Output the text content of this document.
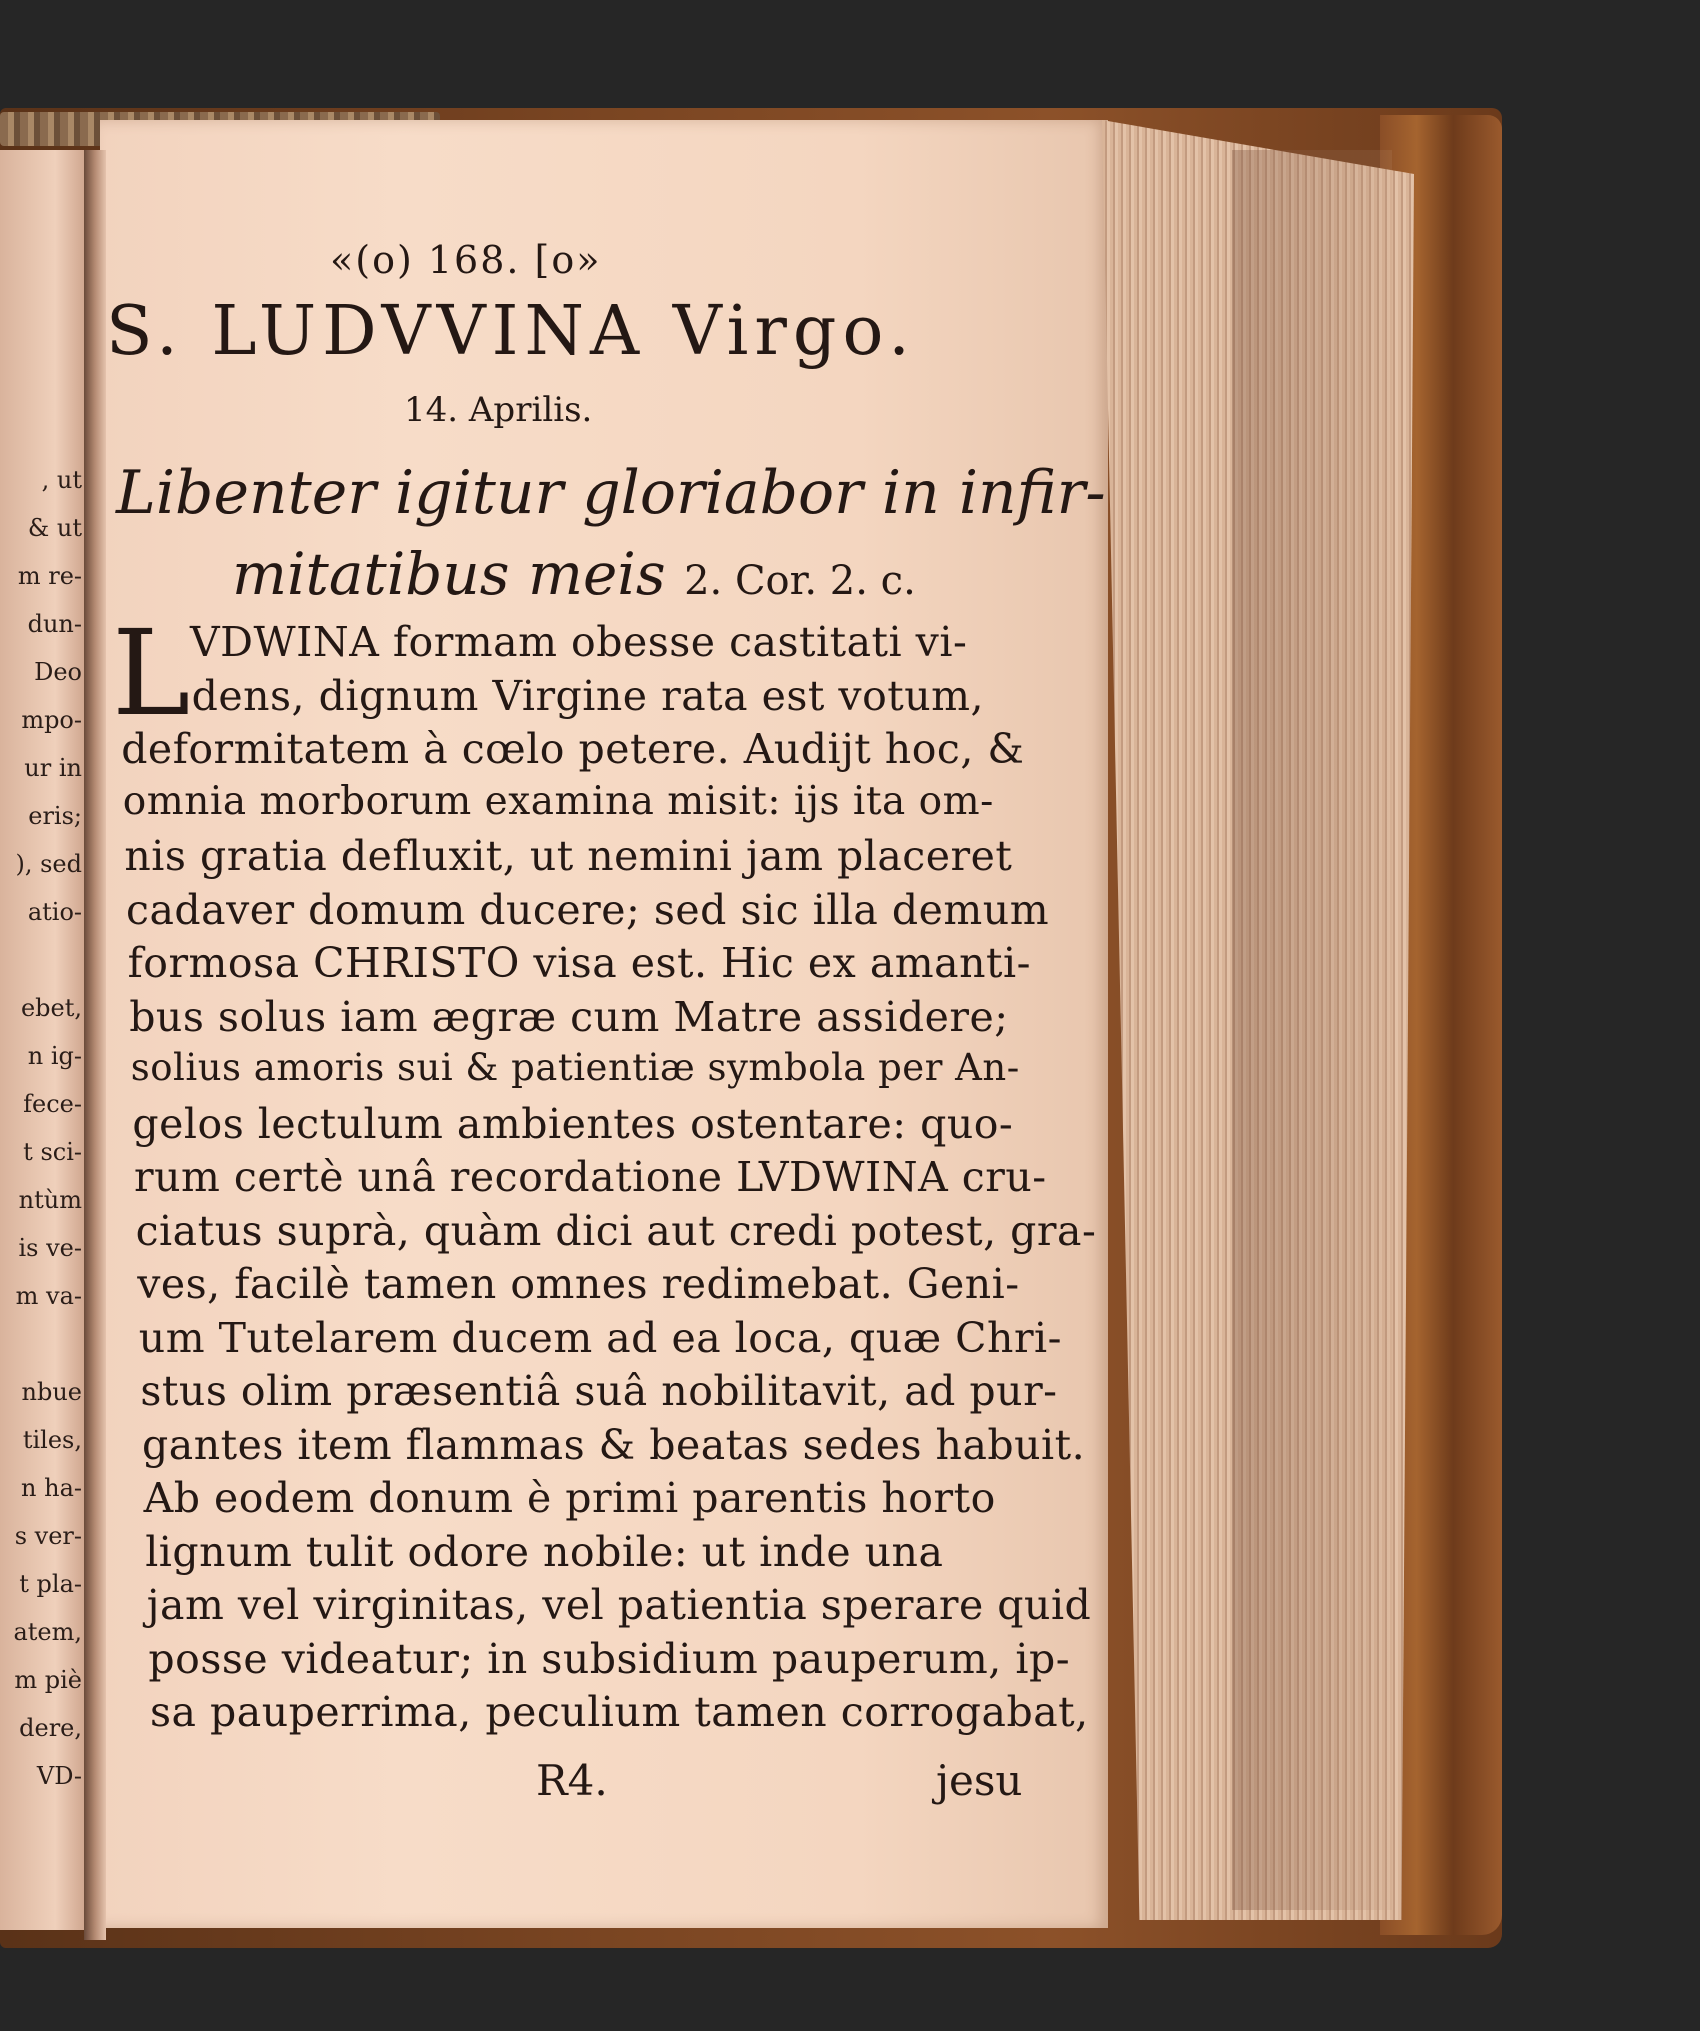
, ut
& ut
m re-
dun-
Deo
mpo-
ur in
eris;
), sed
atio-
ebet,
n ig-
fece-
t sci-
ntùm
is ve-
m va-
nbue
tiles,
n ha-
s ver-
t pla-
atem,
m piè
dere,
VD-
«(o) 168. [o»
S. LUDVVINA Virgo.
14. Aprilis.
Libenter igitur gloriabor in infir-
mitatibus meis 2. Cor. 2. c.
L VDWINA formam obesse castitati vi-
dens, dignum Virgine rata est votum,
deformitatem à cœlo petere. Audijt hoc, &
omnia morborum examina misit: ijs ita om-
nis gratia defluxit, ut nemini jam placeret
cadaver domum ducere; sed sic illa demum
formosa CHRISTO visa est. Hic ex amanti-
bus solus iam ægræ cum Matre assidere;
solius amoris sui & patientiæ symbola per An-
gelos lectulum ambientes ostentare: quo-
rum certè unâ recordatione LVDWINA cru-
ciatus suprà, quàm dici aut credi potest, gra-
ves, facilè tamen omnes redimebat. Geni-
um Tutelarem ducem ad ea loca, quæ Chri-
stus olim præsentiâ suâ nobilitavit, ad pur-
gantes item flammas & beatas sedes habuit.
Ab eodem donum è primi parentis horto
lignum tulit odore nobile: ut inde una
jam vel virginitas, vel patientia sperare quid
posse videatur; in subsidium pauperum, ip-
sa pauperrima, peculium tamen corrogabat,
R4.	jesu
